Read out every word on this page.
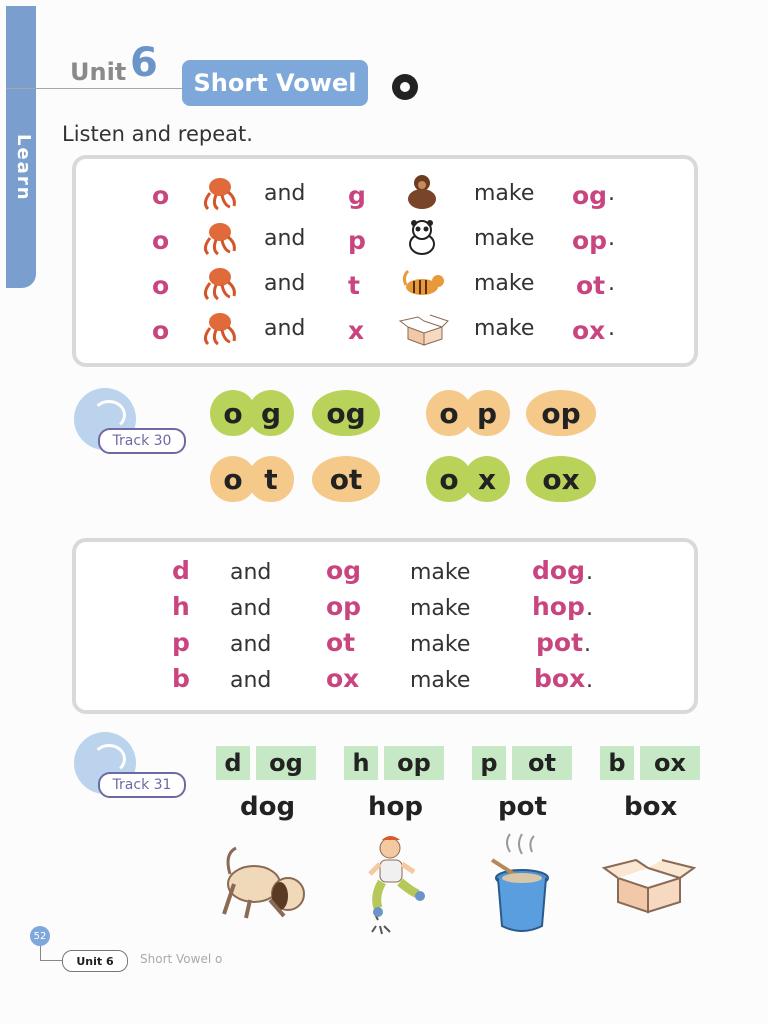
Learn
Unit 6	Short Vowel
Listen and repeat.
o	and g	make og .
o	and p	make op .
o	and t	make ot .
o	and x	make ox .
Track 30
o g	og	o p	op
o t	ot	o x	ox
d and og make dog .
h and op make hop .
p and ot make	pot .
b and ox make	box .
Track 31
d	og	h	op	p	ot	b	ox
dog	hop	pot	box
52
Unit 6	Short Vowel o
